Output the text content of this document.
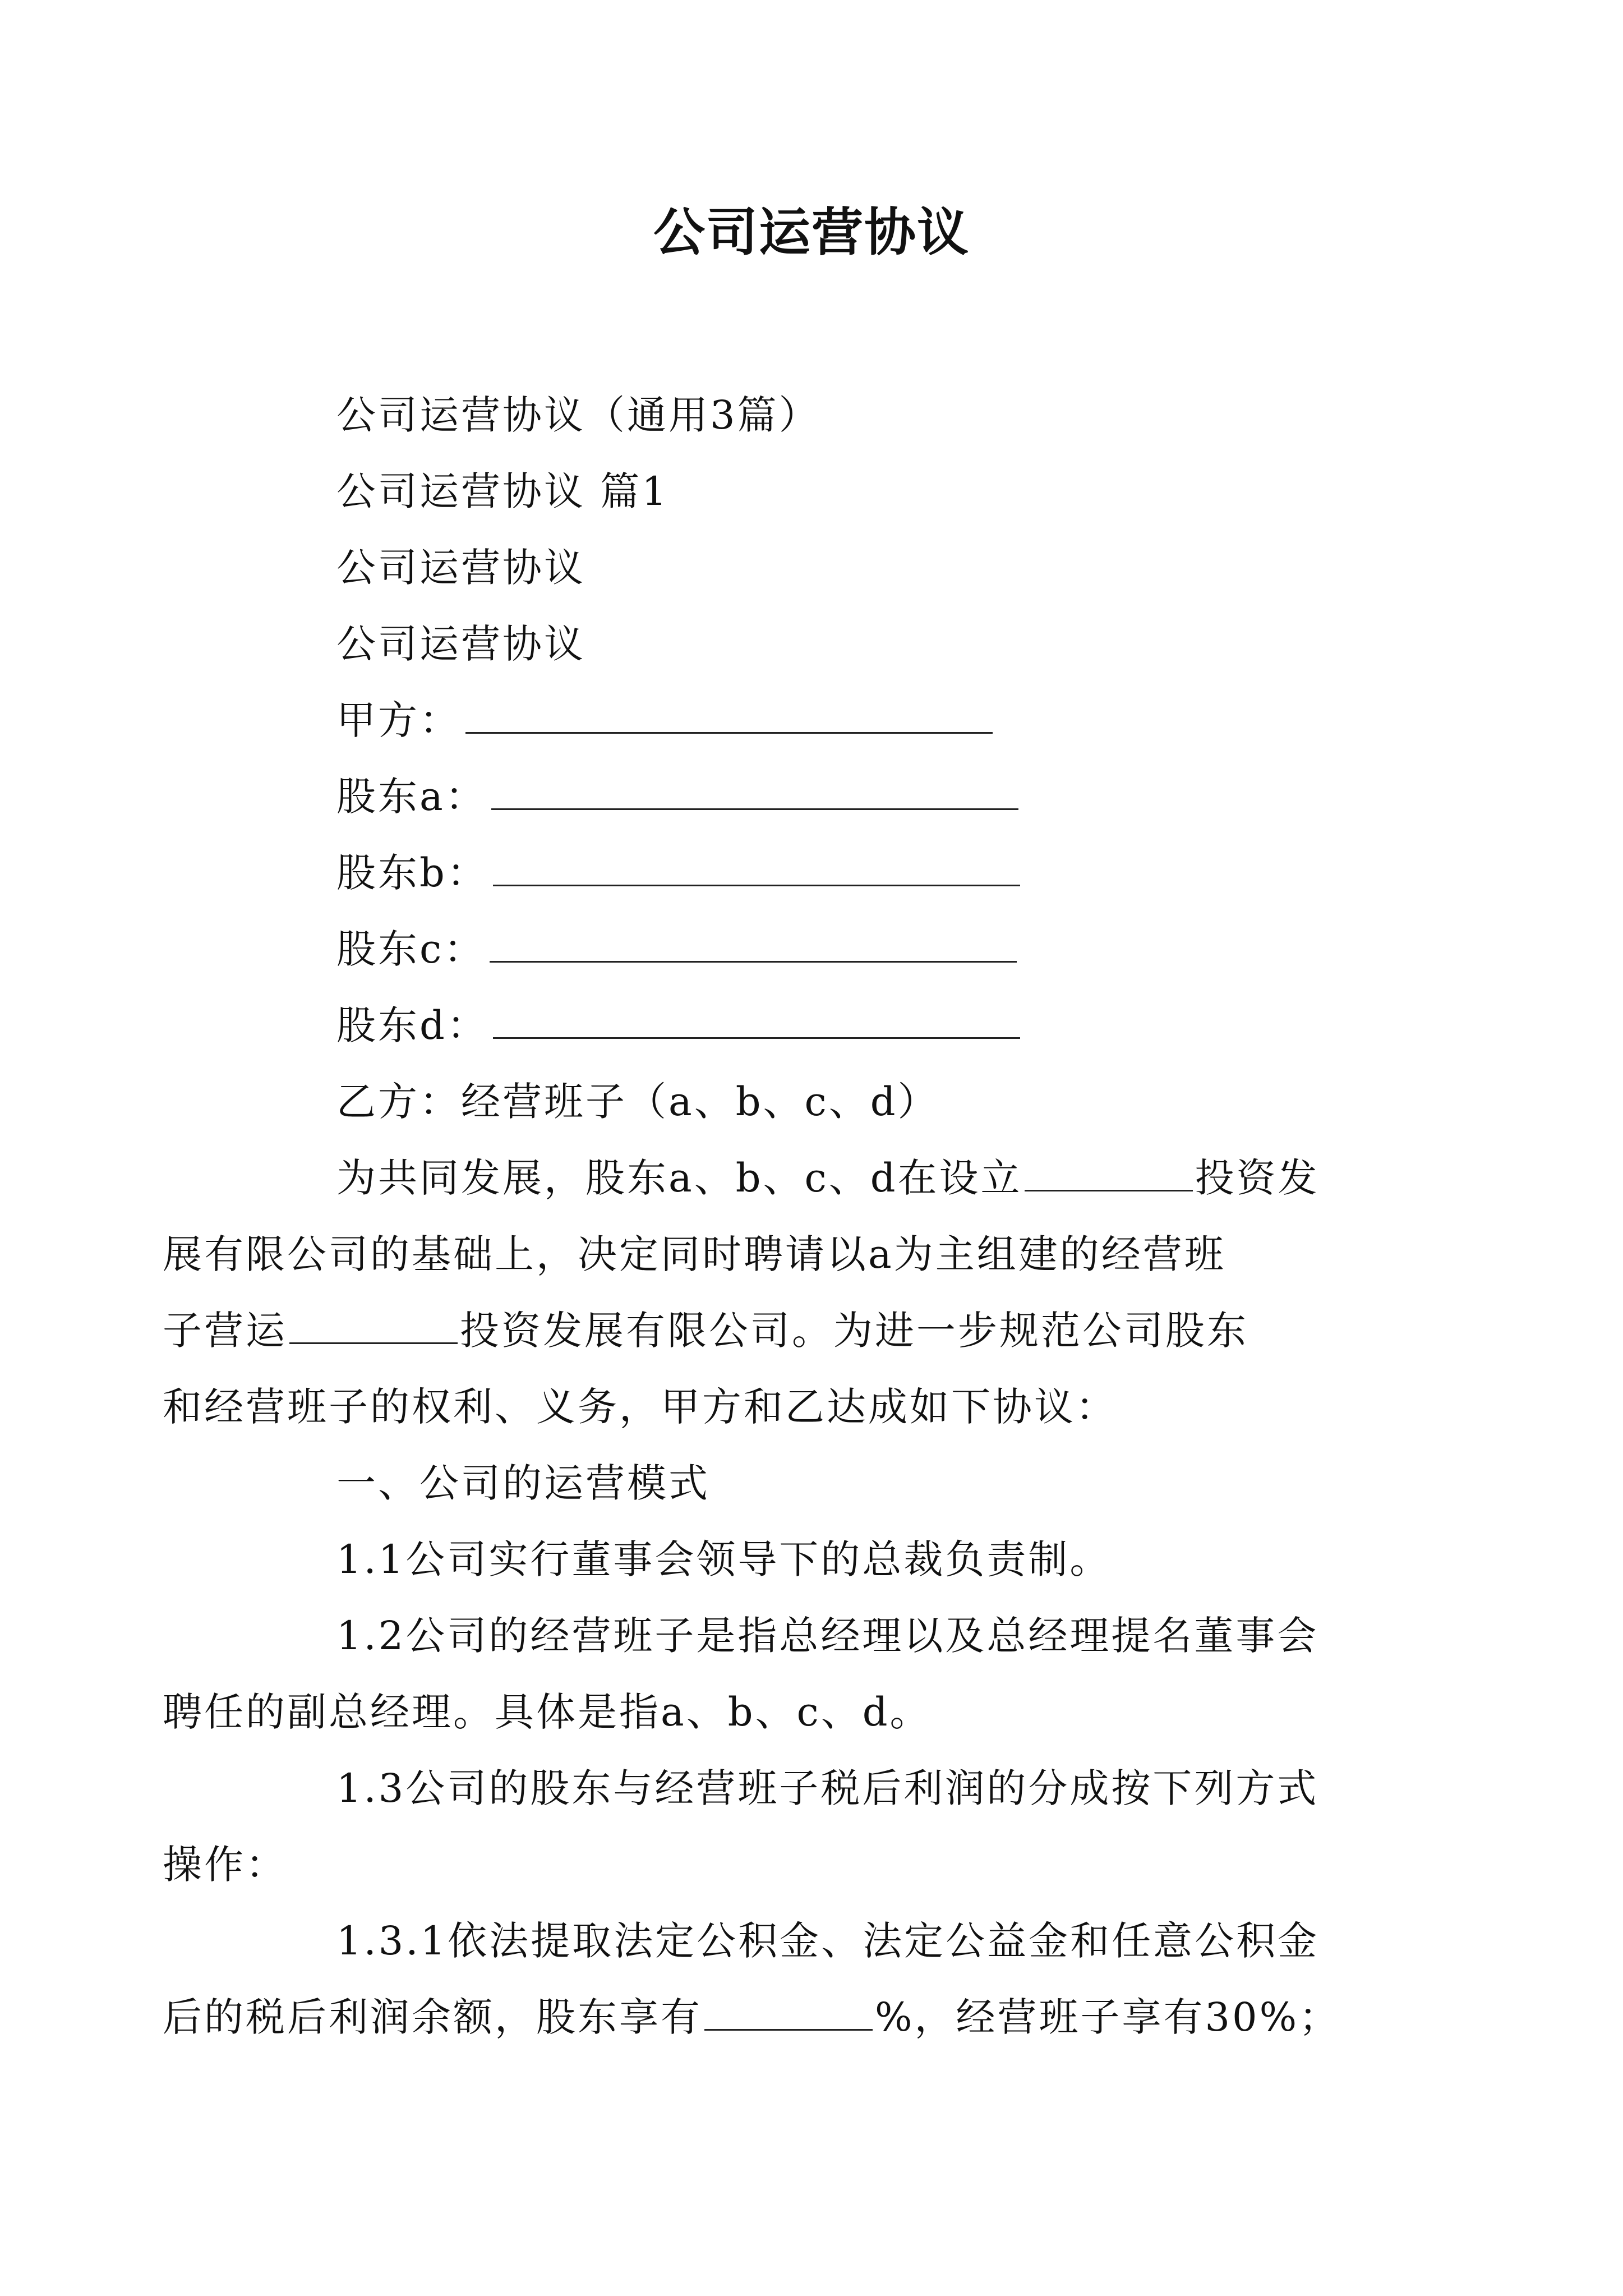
公司运营协议
公司运营协议（通用3篇）
公司运营协议 篇1
公司运营协议
公司运营协议
甲方：
股东a：
股东b：
股东c：
股东d：
乙方：经营班子（a、b、c、d）
为共同发展，股东a、b、c、d在设立	投资发
展有限公司的基础上，决定同时聘请以a为主组建的经营班
子营运	投资发展有限公司。为进一步规范公司股东
和经营班子的权利、义务，甲方和乙达成如下协议：
一、公司的运营模式
1.1公司实行董事会领导下的总裁负责制。
1.2公司的经营班子是指总经理以及总经理提名董事会
聘任的副总经理。具体是指a、b、c、d。
1.3公司的股东与经营班子税后利润的分成按下列方式
操作：
1.3.1依法提取法定公积金、法定公益金和任意公积金
后的税后利润余额，股东享有	%，经营班子享有30%；
